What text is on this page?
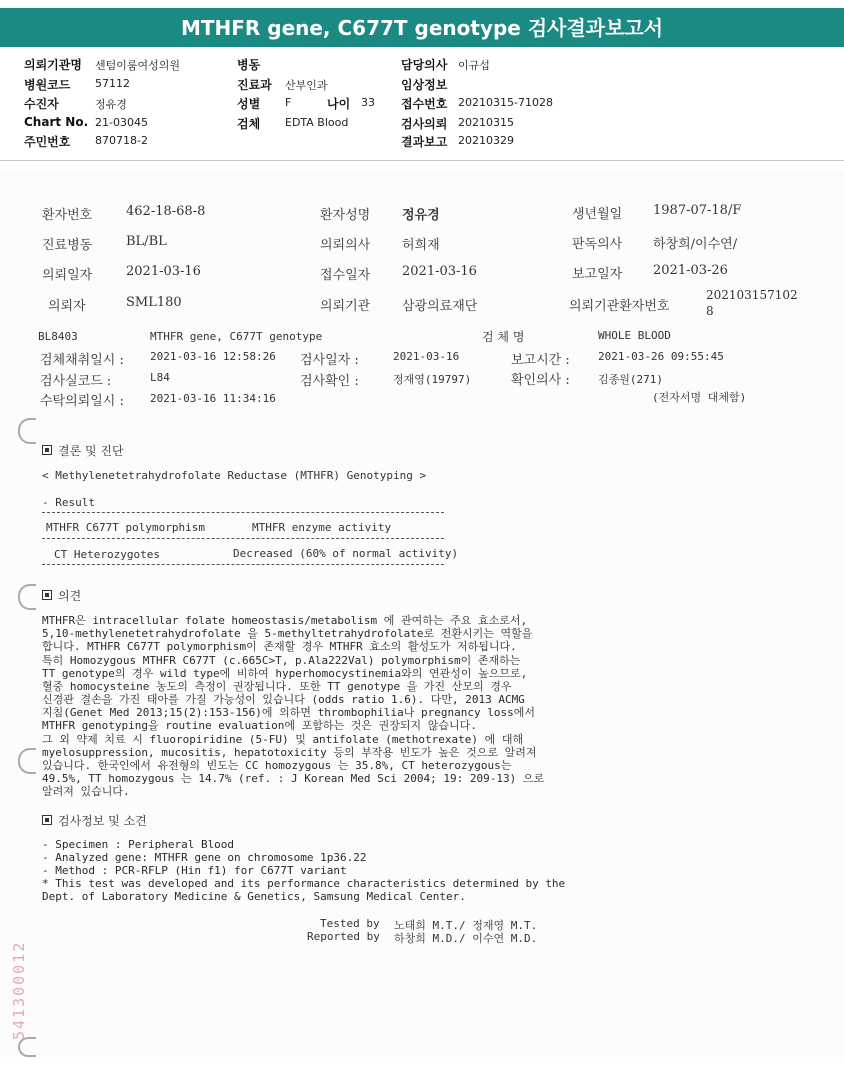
MTHFR gene, C677T genotype 검사결과보고서
의뢰기관명 센텀이룸여성의원
병원코드 57112
수진자	정유경
Chart No. 21-03045
주민번호 870718-2
병동
진료과 산부인과
성별 F	나이 33
검체 EDTA Blood
담당의사 이규섭
임상정보
접수번호 20210315-71028
검사의뢰 20210315
결과보고 20210329
환자번호	462-18-68-8	환자성명 정유경	생년월일 1987-07-18/F
진료병동	BL/BL	의뢰의사 허희재	판독의사 하창희/이수연/
의뢰일자	2021-03-16	접수일자 2021-03-16	보고일자 2021-03-26
의뢰자	SML180	의뢰기관 삼광의료재단	의뢰기관환자번호
202103157102
8
BL8403	MTHFR gene, C677T genotype	검 체 명	WHOLE BLOOD
검체채취일시 : 2021-03-16 12:58:26 검사일자 :	2021-03-16	보고시간 :	2021-03-26 09:55:45
검사실코드 :	L84	검사확인 :	정재영(19797)	확인의사 :	김종원(271)
수탁의뢰일시 : 2021-03-16 11:34:16	(전자서명 대체함)
결론 및 진단
< Methylenetetrahydrofolate Reductase (MTHFR) Genotyping >
- Result
MTHFR C677T polymorphism	MTHFR enzyme activity
CT Heterozygotes	Decreased (60% of normal activity)
의견
MTHFR은 intracellular folate homeostasis/metabolism 에 관여하는 주요 효소로서,
5,10-methylenetetrahydrofolate 을 5-methyltetrahydrofolate로 전환시키는 역할을
합니다. MTHFR C677T polymorphism이 존재할 경우 MTHFR 효소의 활성도가 저하됩니다.
특히 Homozygous MTHFR C677T (c.665C>T, p.Ala222Val) polymorphism이 존재하는
TT genotype의 경우 wild type에 비하여 hyperhomocystinemia와의 연관성이 높으므로,
혈중 homocysteine 농도의 측정이 권장됩니다. 또한 TT genotype 을 가진 산모의 경우
신경관 결손을 가진 태아를 가질 가능성이 있습니다 (odds ratio 1.6). 다만, 2013 ACMG
지침(Genet Med 2013;15(2):153-156)에 의하면 thrombophilia나 pregnancy loss에서
MTHFR genotyping을 routine evaluation에 포함하는 것은 권장되지 않습니다.
그 외 약제 치료 시 fluoropiridine (5-FU) 및 antifolate (methotrexate) 에 대해
myelosuppression, mucositis, hepatotoxicity 등의 부작용 빈도가 높은 것으로 알려져
있습니다. 한국인에서 유전형의 빈도는 CC homozygous 는 35.8%, CT heterozygous는
49.5%, TT homozygous 는 14.7% (ref. : J Korean Med Sci 2004; 19: 209-13) 으로
알려져 있습니다.
검사정보 및 소견
- Specimen : Peripheral Blood
- Analyzed gene: MTHFR gene on chromosome 1p36.22
- Method : PCR-RFLP (Hin f1) for C677T variant
* This test was developed and its performance characteristics determined by the
Dept. of Laboratory Medicine & Genetics, Samsung Medical Center.
Tested by 노태희 M.T./ 정재영 M.T.
Reported by 하창희 M.D./ 이수연 M.D.
541300012
